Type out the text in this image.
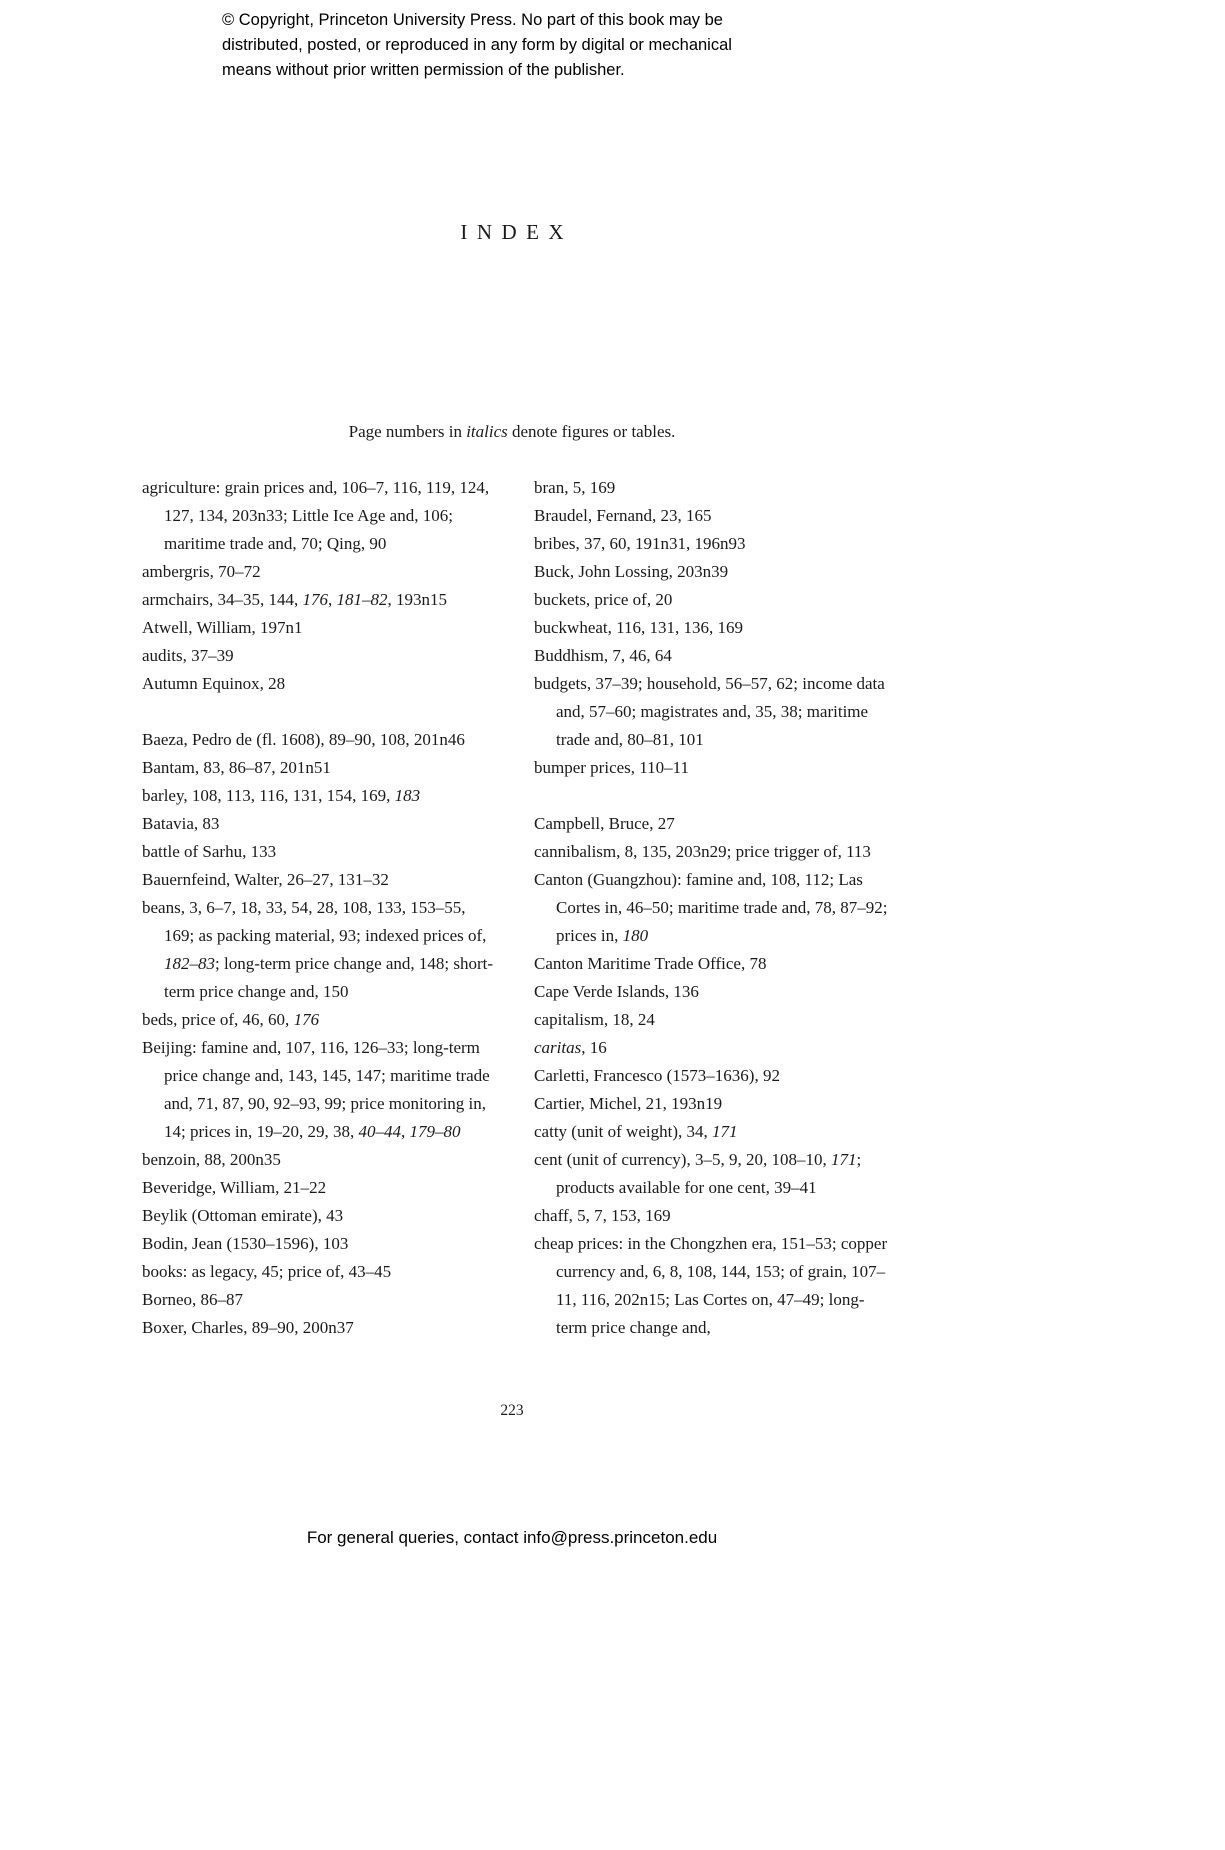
© Copyright, Princeton University Press. No part of this book may be
distributed, posted, or reproduced in any form by digital or mechanical
means without prior written permission of the publisher.
INDEX
Page numbers in italics denote figures or tables.

agriculture: grain prices and, 106–7, 116, 119, 124, 127, 134, 203n33; Little Ice Age and, 106; maritime trade and, 70; Qing, 90

ambergris, 70–72

armchairs, 34–35, 144, 176, 181–82, 193n15

Atwell, William, 197n1

audits, 37–39

Autumn Equinox, 28

Baeza, Pedro de (fl. 1608), 89–90, 108, 201n46

Bantam, 83, 86–87, 201n51

barley, 108, 113, 116, 131, 154, 169, 183

Batavia, 83

battle of Sarhu, 133

Bauernfeind, Walter, 26–27, 131–32

beans, 3, 6–7, 18, 33, 54, 28, 108, 133, 153–55, 169; as packing material, 93; indexed prices of, 182–83; long-term price change and, 148; short-term price change and, 150

beds, price of, 46, 60, 176

Beijing: famine and, 107, 116, 126–33; long-term price change and, 143, 145, 147; maritime trade and, 71, 87, 90, 92–93, 99; price monitoring in, 14; prices in, 19–20, 29, 38, 40–44, 179–80

benzoin, 88, 200n35

Beveridge, William, 21–22

Beylik (Ottoman emirate), 43

Bodin, Jean (1530–1596), 103

books: as legacy, 45; price of, 43–45

Borneo, 86–87

Boxer, Charles, 89–90, 200n37

bran, 5, 169

Braudel, Fernand, 23, 165

bribes, 37, 60, 191n31, 196n93

Buck, John Lossing, 203n39

buckets, price of, 20

buckwheat, 116, 131, 136, 169

Buddhism, 7, 46, 64

budgets, 37–39; household, 56–57, 62; income data and, 57–60; magistrates and, 35, 38; maritime trade and, 80–81, 101

bumper prices, 110–11

Campbell, Bruce, 27

cannibalism, 8, 135, 203n29; price trigger of, 113

Canton (Guangzhou): famine and, 108, 112; Las Cortes in, 46–50; maritime trade and, 78, 87–92; prices in, 180

Canton Maritime Trade Office, 78

Cape Verde Islands, 136

capitalism, 18, 24

caritas, 16

Carletti, Francesco (1573–1636), 92

Cartier, Michel, 21, 193n19

catty (unit of weight), 34, 171

cent (unit of currency), 3–5, 9, 20, 108–10, 171; products available for one cent, 39–41

chaff, 5, 7, 153, 169

cheap prices: in the Chongzhen era, 151–53; copper currency and, 6, 8, 108, 144, 153; of grain, 107–11, 116, 202n15; Las Cortes on, 47–49; long-term price change and,

223
For general queries, contact info@press.princeton.edu
